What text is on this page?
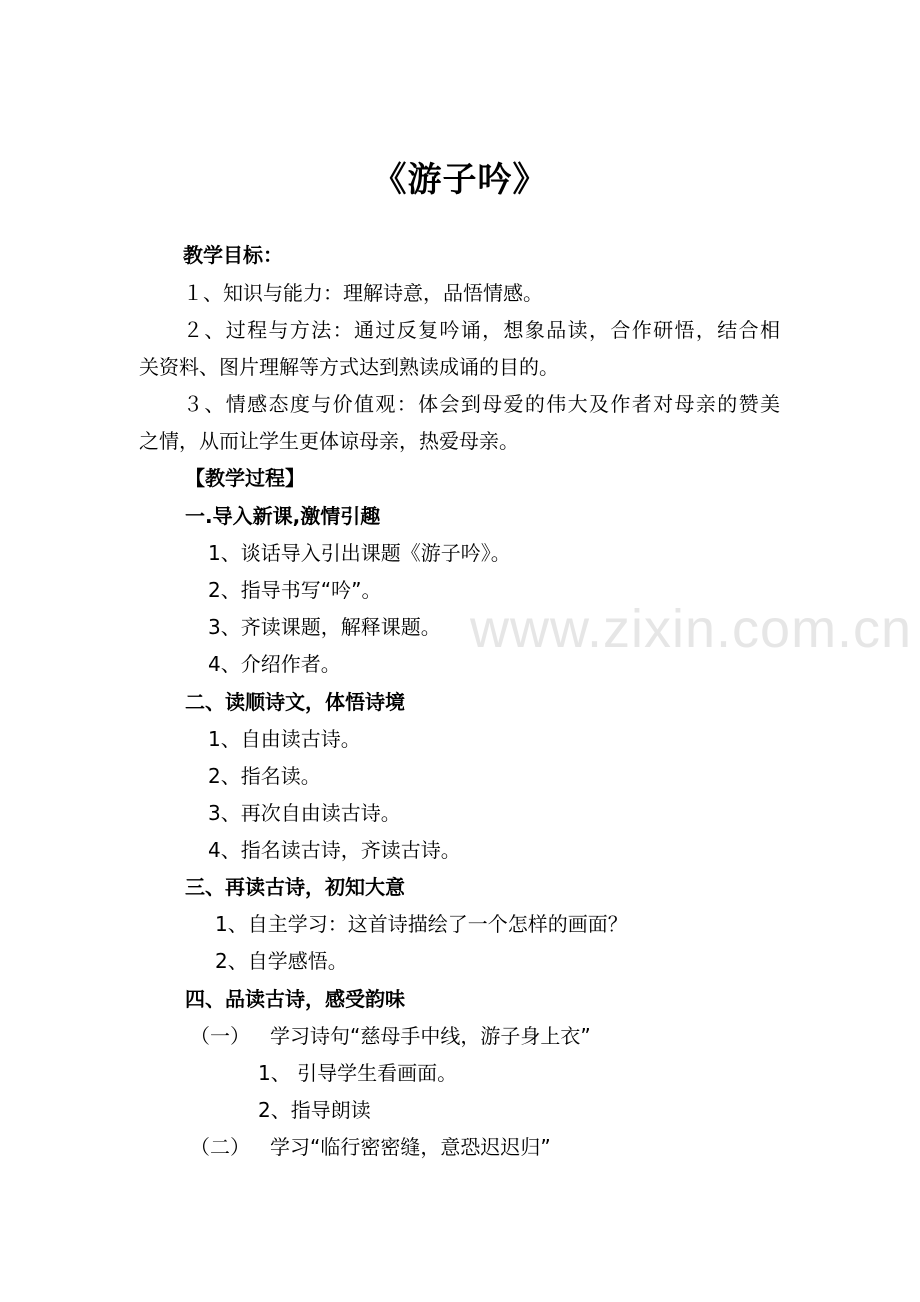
www.zixin.com.cn
《游子吟》
教学目标：
１、知识与能力：理解诗意，品悟情感。
２、过程与方法：通过反复吟诵，想象品读，合作研悟，结合相
关资料、图片理解等方式达到熟读成诵的目的。
３、情感态度与价值观：体会到母爱的伟大及作者对母亲的赞美
之情，从而让学生更体谅母亲，热爱母亲。
【教学过程】
一.导入新课,激情引趣
1、谈话导入引出课题《游子吟》。
2、指导书写“吟”。
3、齐读课题，解释课题。
4、介绍作者。
二、读顺诗文，体悟诗境
1、自由读古诗。
2、指名读。
3、再次自由读古诗。
4、指名读古诗，齐读古诗。
三、再读古诗，初知大意
1、自主学习：这首诗描绘了一个怎样的画面？
2、自学感悟。
四、品读古诗，感受韵味
（一） 学习诗句“慈母手中线，游子身上衣”
1、 引导学生看画面。
2、指导朗读
（二） 学习“临行密密缝，意恐迟迟归”
